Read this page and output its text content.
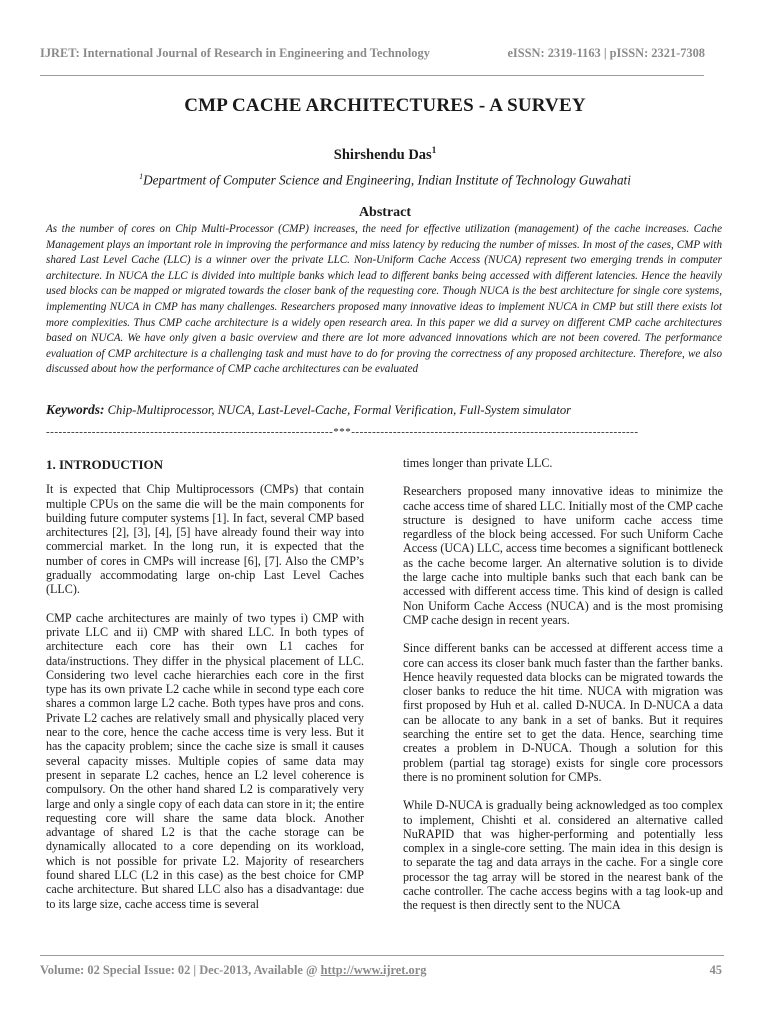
IJRET: International Journal of Research in Engineering and Technology	eISSN: 2319-1163 | pISSN: 2321-7308
CMP CACHE ARCHITECTURES - A SURVEY
Shirshendu Das$^1$
$^1$Department of Computer Science and Engineering, Indian Institute of Technology Guwahati
Abstract

As the number of cores on Chip Multi-Processor (CMP) increases, the need for effective utilization (management) of the cache increases. Cache Management plays an important role in improving the performance and miss latency by reducing the number of misses. In most of the cases, CMP with shared Last Level Cache (LLC) is a winner over the private LLC. Non-Uniform Cache Access (NUCA) represent two emerging trends in computer architecture. In NUCA the LLC is divided into multiple banks which lead to different banks being accessed with different latencies. Hence the heavily used blocks can be mapped or migrated towards the closer bank of the requesting core. Though NUCA is the best architecture for single core systems, implementing NUCA in CMP has many challenges. Researchers proposed many innovative ideas to implement NUCA in CMP but still there exists lot more complexities. Thus CMP cache architecture is a widely open research area. In this paper we did a survey on different CMP cache architectures based on NUCA. We have only given a basic overview and there are lot more advanced innovations which are not been covered. The performance evaluation of CMP architecture is a challenging task and must have to do for proving the correctness of any proposed architecture. Therefore, we also discussed about how the performance of CMP cache architectures can be evaluated

Keywords: Chip-Multiprocessor, NUCA, Last-Level-Cache, Formal Verification, Full-System simulator
---------------------------------------------------------------------***---------------------------------------------------------------------
1. INTRODUCTION

It is expected that Chip Multiprocessors (CMPs) that contain multiple CPUs on the same die will be the main components for building future computer systems [1]. In fact, several CMP based architectures [2], [3], [4], [5] have already found their way into commercial market. In the long run, it is expected that the number of cores in CMPs will increase [6], [7]. Also the CMP’s gradually accommodating large on-chip Last Level Caches (LLC).

CMP cache architectures are mainly of two types i) CMP with private LLC and ii) CMP with shared LLC. In both types of architecture each core has their own L1 caches for data/instructions. They differ in the physical placement of LLC. Considering two level cache hierarchies each core in the first type has its own private L2 cache while in second type each core shares a common large L2 cache. Both types have pros and cons. Private L2 caches are relatively small and physically placed very near to the core, hence the cache access time is very less. But it has the capacity problem; since the cache size is small it causes several capacity misses. Multiple copies of same data may present in separate L2 caches, hence an L2 level coherence is compulsory. On the other hand shared L2 is comparatively very large and only a single copy of each data can store in it; the entire requesting core will share the same data block. Another advantage of shared L2 is that the cache storage can be dynamically allocated to a core depending on its workload, which is not possible for private L2. Majority of researchers found shared LLC (L2 in this case) as the best choice for CMP cache architecture. But shared LLC also has a disadvantage: due to its large size, cache access time is several

times longer than private LLC.

Researchers proposed many innovative ideas to minimize the cache access time of shared LLC. Initially most of the CMP cache structure is designed to have uniform cache access time regardless of the block being accessed. For such Uniform Cache Access (UCA) LLC, access time becomes a significant bottleneck as the cache become larger. An alternative solution is to divide the large cache into multiple banks such that each bank can be accessed with different access time. This kind of design is called Non Uniform Cache Access (NUCA) and is the most promising CMP cache design in recent years.

Since different banks can be accessed at different access time a core can access its closer bank much faster than the farther banks. Hence heavily requested data blocks can be migrated towards the closer banks to reduce the hit time. NUCA with migration was first proposed by Huh et al. called D-NUCA. In D-NUCA a data can be allocate to any bank in a set of banks. But it requires searching the entire set to get the data. Hence, searching time creates a problem in D-NUCA. Though a solution for this problem (partial tag storage) exists for single core processors there is no prominent solution for CMPs.

While D-NUCA is gradually being acknowledged as too complex to implement, Chishti et al. considered an alternative called NuRAPID that was higher-performing and potentially less complex in a single-core setting. The main idea in this design is to separate the tag and data arrays in the cache. For a single core processor the tag array will be stored in the nearest bank of the cache controller. The cache access begins with a tag look-up and the request is then directly sent to the NUCA

Volume: 02 Special Issue: 02 | Dec-2013, Available @ http://www.ijret.org	45
